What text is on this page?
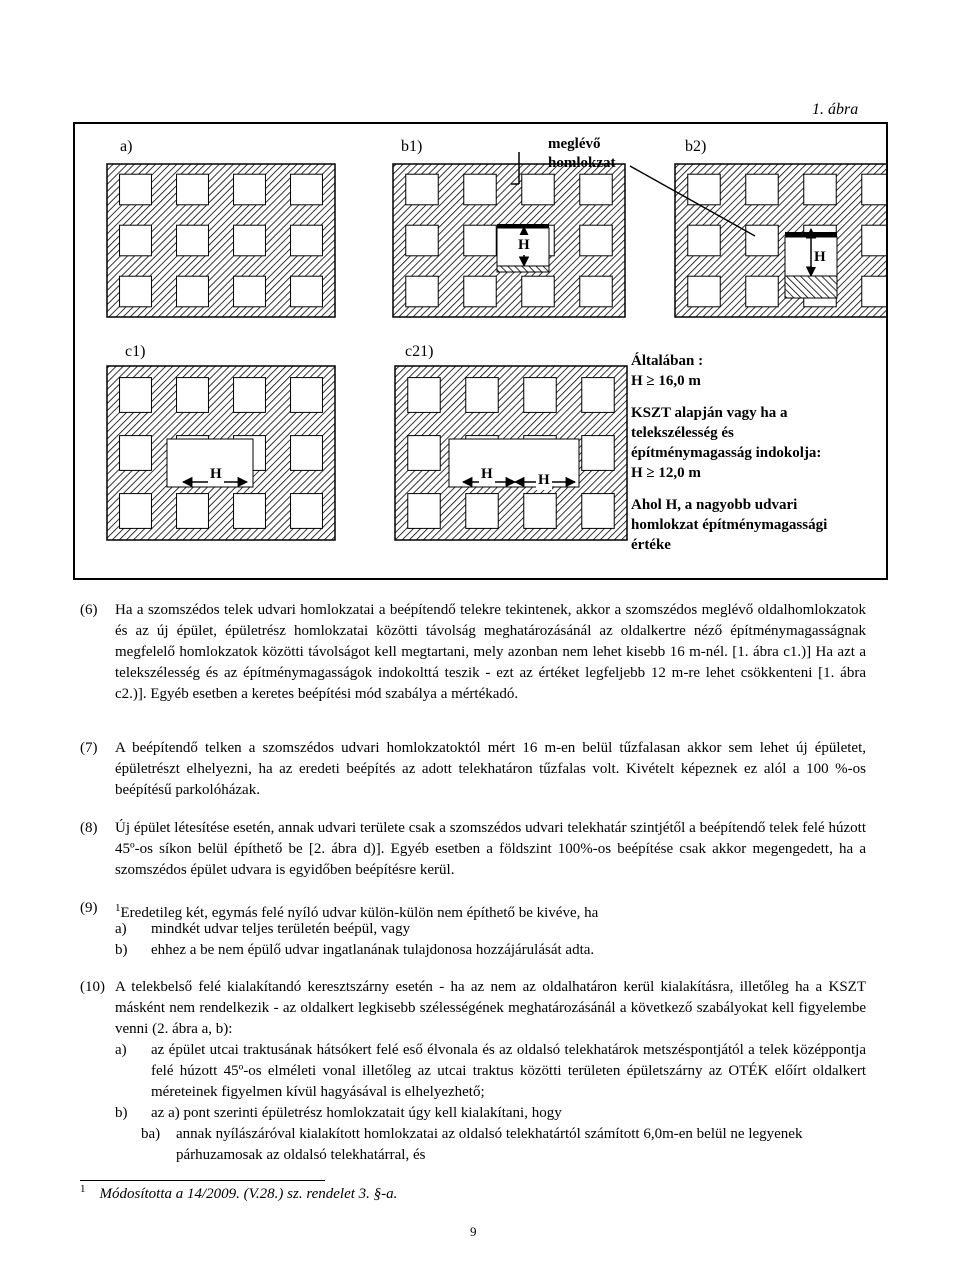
1. ábra
a)	b1)	b2)
meglévő
homlokzat
c1)	c21)
H
H
H	H	H
Általában :
H ≥ 16,0 m
KSZT alapján vagy ha a
telekszélesség és
építménymagasság indokolja:
H ≥ 12,0 m
Ahol H, a nagyobb udvari
homlokzat építménymagassági
értéke
(6) Ha a szomszédos telek udvari homlokzatai a beépítendő telekre tekintenek, akkor a szomszédos meglévő oldalhomlokzatok és az új épület, épületrész homlokzatai közötti távolság meghatározásánál az oldalkertre néző építménymagasságnak megfelelő homlokzatok közötti távolságot kell megtartani, mely azonban nem lehet kisebb 16 m-nél. [1. ábra c1.)] Ha azt a telekszélesség és az építménymagasságok indokolttá teszik - ezt az értéket legfeljebb 12 m-re lehet csökkenteni [1. ábra c2.)]. Egyéb esetben a keretes beépítési mód szabálya a mértékadó.
(7) A beépítendő telken a szomszédos udvari homlokzatoktól mért 16 m-en belül tűzfalasan akkor sem lehet új épületet, épületrészt elhelyezni, ha az eredeti beépítés az adott telekhatáron tűzfalas volt. Kivételt képeznek ez alól a 100 %-os beépítésű parkolóházak.
(8) Új épület létesítése esetén, annak udvari területe csak a szomszédos udvari telekhatár szintjétől a beépítendő telek felé húzott 45º-os síkon belül építhető be [2. ábra d)]. Egyéb esetben a földszint 100%-os beépítése csak akkor megengedett, ha a szomszédos épület udvara is egyidőben beépítésre kerül.
(9) $^1$Eredetileg két, egymás felé nyíló udvar külön-külön nem építhető be kivéve, ha
a) mindkét udvar teljes területén beépül, vagy
b) ehhez a be nem épülő udvar ingatlanának tulajdonosa hozzájárulását adta.
(10) A telekbelső felé kialakítandó keresztszárny esetén - ha az nem az oldalhatáron kerül kialakításra, illetőleg ha a KSZT másként nem rendelkezik - az oldalkert legkisebb szélességének meghatározásánál a következő szabályokat kell figyelembe venni (2. ábra a, b):
a) az épület utcai traktusának hátsókert felé eső élvonala és az oldalsó telekhatárok metszéspontjától a telek középpontja felé húzott 45º-os elméleti vonal illetőleg az utcai traktus közötti területen épületszárny az OTÉK előírt oldalkert méreteinek figyelmen kívül hagyásával is elhelyezhető;
b) az a) pont szerinti épületrész homlokzatait úgy kell kialakítani, hogy
ba) annak nyílászáróval kialakított homlokzatai az oldalsó telekhatártól számított 6,0m-en belül ne legyenek párhuzamosak az oldalsó telekhatárral, és
$^1$ Módosította a 14/2009. (V.28.) sz. rendelet 3. §-a.
9
